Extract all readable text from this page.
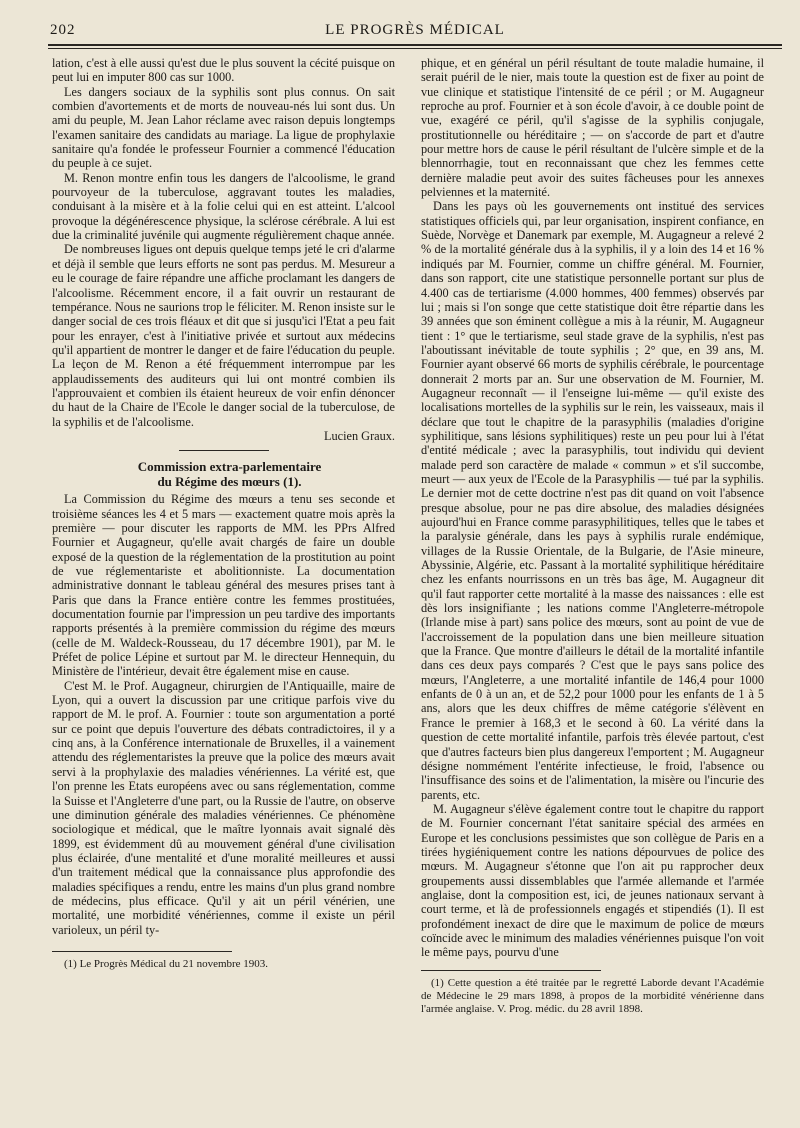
202	LE PROGRÈS MÉDICAL

lation, c'est à elle aussi qu'est due le plus souvent la cécité puisque on peut lui en imputer 800 cas sur 1000.

Les dangers sociaux de la syphilis sont plus connus. On sait combien d'avortements et de morts de nouveau-nés lui sont dus. Un ami du peuple, M. Jean Lahor réclame avec raison depuis longtemps l'examen sanitaire des candidats au mariage. La ligue de prophylaxie sanitaire qu'a fondée le professeur Fournier a commencé l'éducation du peuple à ce sujet.

M. Renon montre enfin tous les dangers de l'alcoolisme, le grand pourvoyeur de la tuberculose, aggravant toutes les maladies, conduisant à la misère et à la folie celui qui en est atteint. L'alcool provoque la dégénérescence physique, la sclérose cérébrale. A lui est due la criminalité juvénile qui augmente régulièrement chaque année.

De nombreuses ligues ont depuis quelque temps jeté le cri d'alarme et déjà il semble que leurs efforts ne sont pas perdus. M. Mesureur a eu le courage de faire répandre une affiche proclamant les dangers de l'alcoolisme. Récemment encore, il a fait ouvrir un restaurant de tempérance. Nous ne saurions trop le féliciter. M. Renon insiste sur le danger social de ces trois fléaux et dit que si jusqu'ici l'Etat a peu fait pour les enrayer, c'est à l'initiative privée et surtout aux médecins qu'il appartient de montrer le danger et de faire l'éducation du peuple. La leçon de M. Renon a été fréquemment interrompue par les applaudissements des auditeurs qui lui ont montré combien ils l'approuvaient et combien ils étaient heureux de voir enfin dénoncer du haut de la Chaire de l'Ecole le danger social de la tuberculose, de la syphilis et de l'alcoolisme.

Lucien Graux.

Commission extra-parlementaire

du Régime des mœurs (1).

La Commission du Régime des mœurs a tenu ses seconde et troisième séances les 4 et 5 mars — exactement quatre mois après la première — pour discuter les rapports de MM. les PPrs Alfred Fournier et Augagneur, qu'elle avait chargés de faire un double exposé de la question de la réglementation de la prostitution au point de vue réglementariste et abolitionniste. La documentation administrative donnant le tableau général des mesures prises tant à Paris que dans la France entière contre les femmes prostituées, documentation fournie par l'impression un peu tardive des importants rapports présentés à la première commission du régime des mœurs (celle de M. Waldeck-Rousseau, du 17 décembre 1901), par M. le Préfet de police Lépine et surtout par M. le directeur Hennequin, du Ministère de l'intérieur, devait être également mise en cause.

C'est M. le Prof. Augagneur, chirurgien de l'Antiquaille, maire de Lyon, qui a ouvert la discussion par une critique parfois vive du rapport de M. le prof. A. Fournier : toute son argumentation a porté sur ce point que depuis l'ouverture des débats contradictoires, il y a cinq ans, à la Conférence internationale de Bruxelles, il a vainement attendu des réglementaristes la preuve que la police des mœurs avait servi à la prophylaxie des maladies vénériennes. La vérité est, que l'on prenne les Etats européens avec ou sans réglementation, comme la Suisse et l'Angleterre d'une part, ou la Russie de l'autre, on observe une diminution générale des maladies vénériennes. Ce phénomène sociologique et médical, que le maître lyonnais avait signalé dès 1899, est évidemment dû au mouvement général d'une civilisation plus éclairée, d'une mentalité et d'une moralité meilleures et aussi d'un traitement médical que la connaissance plus approfondie des maladies spécifiques a rendu, entre les mains d'un plus grand nombre de médecins, plus efficace. Qu'il y ait un péril vénérien, une mortalité, une morbidité vénériennes, comme il existe un péril varioleux, un péril ty-

(1) Le Progrès Médical du 21 novembre 1903.

phique, et en général un péril résultant de toute maladie humaine, il serait puéril de le nier, mais toute la question est de fixer au point de vue clinique et statistique l'intensité de ce péril ; or M. Augagneur reproche au prof. Fournier et à son école d'avoir, à ce double point de vue, exagéré ce péril, qu'il s'agisse de la syphilis conjugale, prostitutionnelle ou héréditaire ; — on s'accorde de part et d'autre pour mettre hors de cause le péril résultant de l'ulcère simple et de la blennorrhagie, tout en reconnaissant que chez les femmes cette dernière maladie peut avoir des suites fâcheuses pour les annexes pelviennes et la maternité.

Dans les pays où les gouvernements ont institué des services statistiques officiels qui, par leur organisation, inspirent confiance, en Suède, Norvège et Danemark par exemple, M. Augagneur a relevé 2 % de la mortalité générale dus à la syphilis, il y a loin des 14 et 16 % indiqués par M. Fournier, comme un chiffre général. M. Fournier, dans son rapport, cite une statistique personnelle portant sur plus de 4.400 cas de tertiarisme (4.000 hommes, 400 femmes) observés par lui ; mais si l'on songe que cette statistique doit être répartie dans les 39 années que son éminent collègue a mis à la réunir, M. Augagneur tient : 1° que le tertiarisme, seul stade grave de la syphilis, n'est pas l'aboutissant inévitable de toute syphilis ; 2° que, en 39 ans, M. Fournier ayant observé 66 morts de syphilis cérébrale, le pourcentage donnerait 2 morts par an. Sur une observation de M. Fournier, M. Augagneur reconnaît — il l'enseigne lui-même — qu'il existe des localisations mortelles de la syphilis sur le rein, les vaisseaux, mais il déclare que tout le chapitre de la parasyphilis (maladies d'origine syphilitique, sans lésions syphilitiques) reste un peu pour lui à l'état d'entité médicale ; avec la parasyphilis, tout individu qui devient malade perd son caractère de malade « commun » et s'il succombe, meurt — aux yeux de l'Ecole de la Parasyphilis — tué par la syphilis. Le dernier mot de cette doctrine n'est pas dit quand on voit l'absence presque absolue, pour ne pas dire absolue, des maladies désignées aujourd'hui en France comme parasyphilitiques, telles que le tabes et la paralysie générale, dans les pays à syphilis rurale endémique, villages de la Russie Orientale, de la Bulgarie, de l'Asie mineure, Abyssinie, Algérie, etc. Passant à la mortalité syphilitique héréditaire chez les enfants nourrissons en un très bas âge, M. Augagneur dit qu'il faut rapporter cette mortalité à la masse des naissances : elle est dès lors insignifiante ; les nations comme l'Angleterre-métropole (Irlande mise à part) sans police des mœurs, sont au point de vue de l'accroissement de la population dans une bien meilleure situation que la France. Que montre d'ailleurs le détail de la mortalité infantile dans ces deux pays comparés ? C'est que le pays sans police des mœurs, l'Angleterre, a une mortalité infantile de 146,4 pour 1000 enfants de 0 à un an, et de 52,2 pour 1000 pour les enfants de 1 à 5 ans, alors que les deux chiffres de même catégorie s'élèvent en France le premier à 168,3 et le second à 60. La vérité dans la question de cette mortalité infantile, parfois très élevée partout, c'est que d'autres facteurs bien plus dangereux l'emportent ; M. Augagneur désigne nommément l'entérite infectieuse, le froid, l'absence ou l'insuffisance des soins et de l'alimentation, la misère ou l'incurie des parents, etc.

M. Augagneur s'élève également contre tout le chapitre du rapport de M. Fournier concernant l'état sanitaire spécial des armées en Europe et les conclusions pessimistes que son collègue de Paris en a tirées hygiéniquement contre les nations dépourvues de police des mœurs. M. Augagneur s'étonne que l'on ait pu rapprocher deux groupements aussi dissemblables que l'armée allemande et l'armée anglaise, dont la composition est, ici, de jeunes nationaux servant à court terme, et là de professionnels engagés et stipendiés (1). Il est profondément inexact de dire que le maximum de police de mœurs coïncide avec le minimum des maladies vénériennes puisque l'on voit le même pays, pourvu d'une

(1) Cette question a été traitée par le regretté Laborde devant l'Académie de Médecine le 29 mars 1898, à propos de la morbidité vénérienne dans l'armée anglaise. V. Prog. médic. du 28 avril 1898.
